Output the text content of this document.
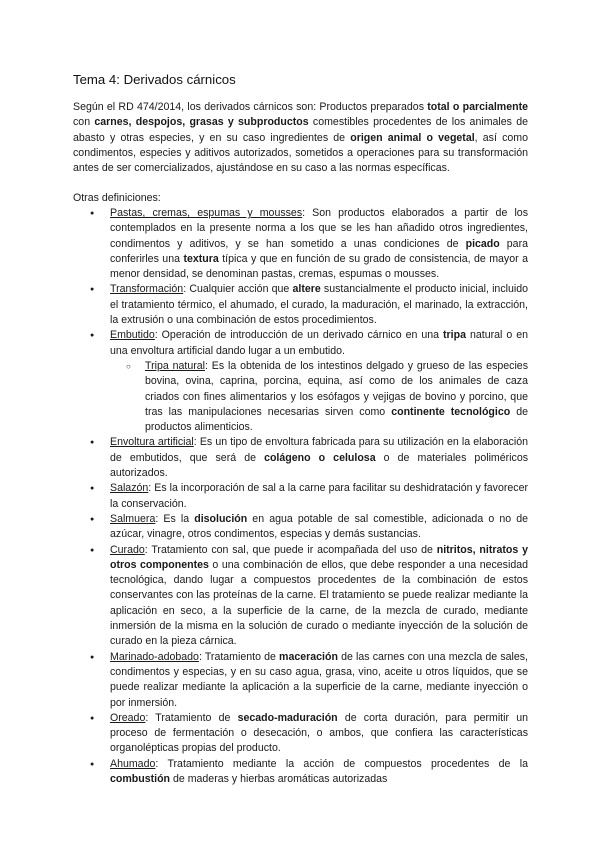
Tema 4: Derivados cárnicos
Según el RD 474/2014, los derivados cárnicos son: Productos preparados total o parcialmente con carnes, despojos, grasas y subproductos comestibles procedentes de los animales de abasto y otras especies, y en su caso ingredientes de origen animal o vegetal, así como condimentos, especies y aditivos autorizados, sometidos a operaciones para su transformación antes de ser comercializados, ajustándose en su caso a las normas específicas.
Otras definiciones:
● Pastas, cremas, espumas y mousses: Son productos elaborados a partir de los contemplados en la presente norma a los que se les han añadido otros ingredientes, condimentos y aditivos, y se han sometido a unas condiciones de picado para conferirles una textura típica y que en función de su grado de consistencia, de mayor a menor densidad, se denominan pastas, cremas, espumas o mousses.
● Transformación: Cualquier acción que altere sustancialmente el producto inicial, incluido el tratamiento térmico, el ahumado, el curado, la maduración, el marinado, la extracción, la extrusión o una combinación de estos procedimientos.
● Embutido: Operación de introducción de un derivado cárnico en una tripa natural o en una envoltura artificial dando lugar a un embutido.
○ Tripa natural: Es la obtenida de los intestinos delgado y grueso de las especies bovina, ovina, caprina, porcina, equina, así como de los animales de caza criados con fines alimentarios y los esófagos y vejigas de bovino y porcino, que tras las manipulaciones necesarias sirven como continente tecnológico de productos alimenticios.
● Envoltura artificial: Es un tipo de envoltura fabricada para su utilización en la elaboración de embutidos, que será de colágeno o celulosa o de materiales poliméricos autorizados.
● Salazón: Es la incorporación de sal a la carne para facilitar su deshidratación y favorecer la conservación.
● Salmuera: Es la disolución en agua potable de sal comestible, adicionada o no de azúcar, vinagre, otros condimentos, especias y demás sustancias.
● Curado: Tratamiento con sal, que puede ir acompañada del uso de nitritos, nitratos y otros componentes o una combinación de ellos, que debe responder a una necesidad tecnológica, dando lugar a compuestos procedentes de la combinación de estos conservantes con las proteínas de la carne. El tratamiento se puede realizar mediante la aplicación en seco, a la superficie de la carne, de la mezcla de curado, mediante inmersión de la misma en la solución de curado o mediante inyección de la solución de curado en la pieza cárnica.
● Marinado-adobado: Tratamiento de maceración de las carnes con una mezcla de sales, condimentos y especias, y en su caso agua, grasa, vino, aceite u otros líquidos, que se puede realizar mediante la aplicación a la superficie de la carne, mediante inyección o por inmersión.
● Oreado: Tratamiento de secado-maduración de corta duración, para permitir un proceso de fermentación o desecación, o ambos, que confiera las características organolépticas propias del producto.
● Ahumado: Tratamiento mediante la acción de compuestos procedentes de la combustión de maderas y hierbas aromáticas autorizadas
